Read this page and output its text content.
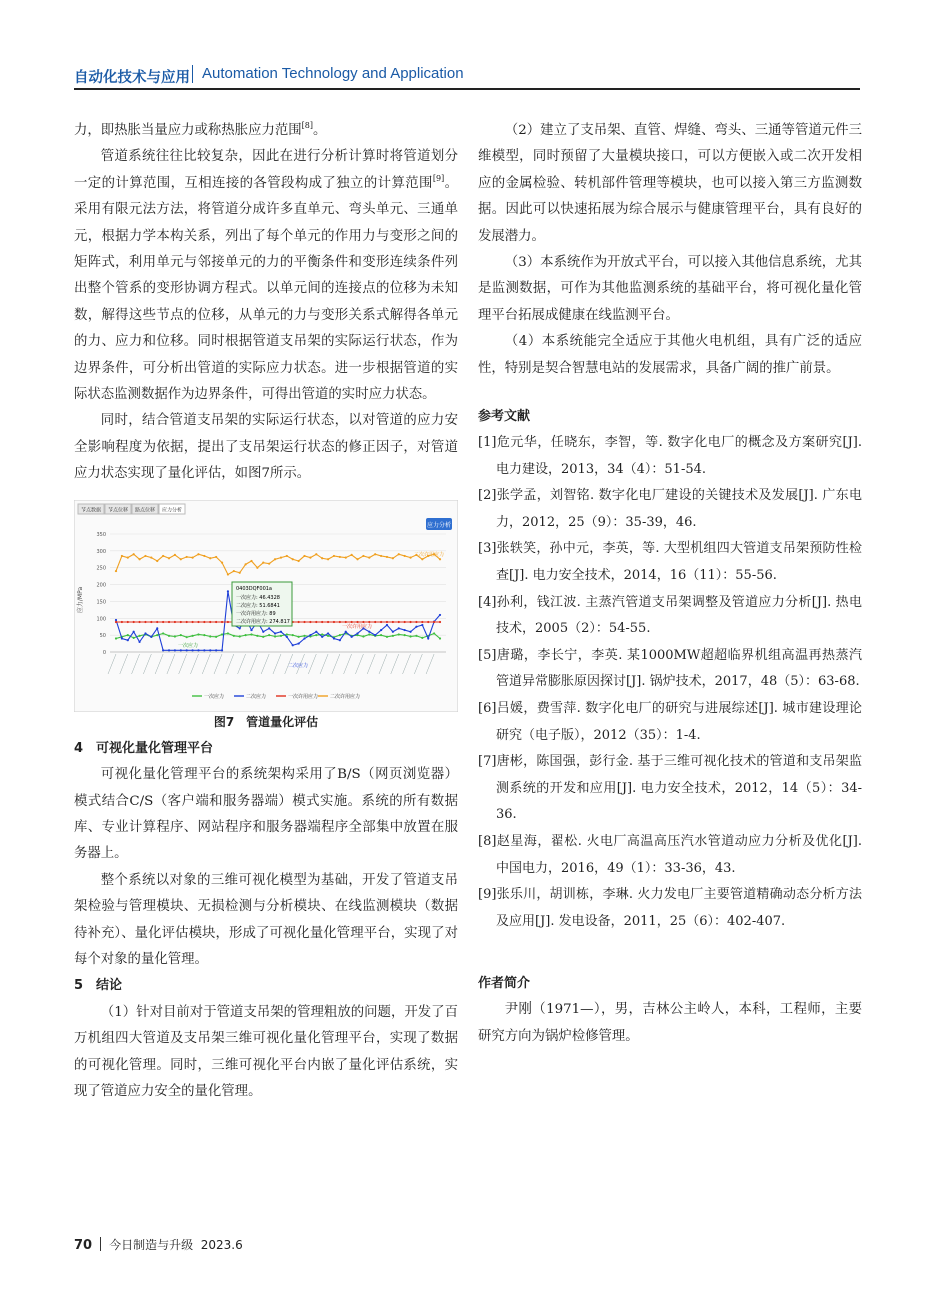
自动化技术与应用 Automation Technology and Application

力，即热胀当量应力或称热胀应力范围[8]。

管道系统往往比较复杂，因此在进行分析计算时将管道划分一定的计算范围，互相连接的各管段构成了独立的计算范围[9]。采用有限元法方法，将管道分成许多直单元、弯头单元、三通单元，根据力学本构关系，列出了每个单元的作用力与变形之间的矩阵式，利用单元与邻接单元的力的平衡条件和变形连续条件列出整个管系的变形协调方程式。以单元间的连接点的位移为未知数，解得这些节点的位移，从单元的力与变形关系式解得各单元的力、应力和位移。同时根据管道支吊架的实际运行状态，作为边界条件，可分析出管道的实际应力状态。进一步根据管道的实际状态监测数据作为边界条件，可得出管道的实时应力状态。

同时，结合管道支吊架的实际运行状态，以对管道的应力安全影响程度为依据，提出了支吊架运行状态的修正因子，对管道应力状态实现了量化评估，如图7所示。

节点数据 节点位移 路点位移 应力分析
应力分析
应力/MPa
0
50
100
150
200
250
300
350
0403DQF001a
一次应力: 46.4328
二次应力: 51.6841
一次许用应力: 89
二次许用应力: 274.817
二次许用应力
一次许用应力
一次应力
二次应力
一次应力	二次应力	一次许用应力 二次许用应力
图7　管道量化评估

4　可视化量化管理平台

可视化量化管理平台的系统架构采用了B/S（网页浏览器）模式结合C/S（客户端和服务器端）模式实施。系统的所有数据库、专业计算程序、网站程序和服务器端程序全部集中放置在服务器上。

整个系统以对象的三维可视化模型为基础，开发了管道支吊架检验与管理模块、无损检测与分析模块、在线监测模块（数据待补充）、量化评估模块，形成了可视化量化管理平台，实现了对每个对象的量化管理。

5　结论

（1）针对目前对于管道支吊架的管理粗放的问题，开发了百万机组四大管道及支吊架三维可视化量化管理平台，实现了数据的可视化管理。同时，三维可视化平台内嵌了量化评估系统，实现了管道应力安全的量化管理。

（2）建立了支吊架、直管、焊缝、弯头、三通等管道元件三维模型，同时预留了大量模块接口，可以方便嵌入或二次开发相应的金属检验、转机部件管理等模块，也可以接入第三方监测数据。因此可以快速拓展为综合展示与健康管理平台，具有良好的发展潜力。

（3）本系统作为开放式平台，可以接入其他信息系统，尤其是监测数据，可作为其他监测系统的基础平台，将可视化量化管理平台拓展成健康在线监测平台。

（4）本系统能完全适应于其他火电机组，具有广泛的适应性，特别是契合智慧电站的发展需求，具备广阔的推广前景。

参考文献

[1]危元华，任晓东，李智，等. 数字化电厂的概念及方案研究[J]. 电力建设，2013，34（4）：51-54.

[2]张学孟，刘智铭. 数字化电厂建设的关键技术及发展[J]. 广东电力，2012，25（9）：35-39，46.

[3]张轶笑，孙中元，李英，等. 大型机组四大管道支吊架预防性检查[J]. 电力安全技术，2014，16（11）：55-56.

[4]孙利，钱江波. 主蒸汽管道支吊架调整及管道应力分析[J]. 热电技术，2005（2）：54-55.

[5]唐璐，李长宁，李英. 某1000MW超超临界机组高温再热蒸汽管道异常膨胀原因探讨[J]. 锅炉技术，2017，48（5）：63-68.

[6]吕媛，费雪萍. 数字化电厂的研究与进展综述[J]. 城市建设理论研究（电子版），2012（35）：1-4.

[7]唐彬，陈国强，彭行金. 基于三维可视化技术的管道和支吊架监测系统的开发和应用[J]. 电力安全技术，2012，14（5）：34-36.

[8]赵星海，翟松. 火电厂高温高压汽水管道动应力分析及优化[J]. 中国电力，2016，49（1）：33-36，43.

[9]张乐川，胡训栋，李琳. 火力发电厂主要管道精确动态分析方法及应用[J]. 发电设备，2011，25（6）：402-407.

作者简介

尹刚（1971—），男，吉林公主岭人，本科，工程师，主要研究方向为锅炉检修管理。

70 今日制造与升级 2023.6
